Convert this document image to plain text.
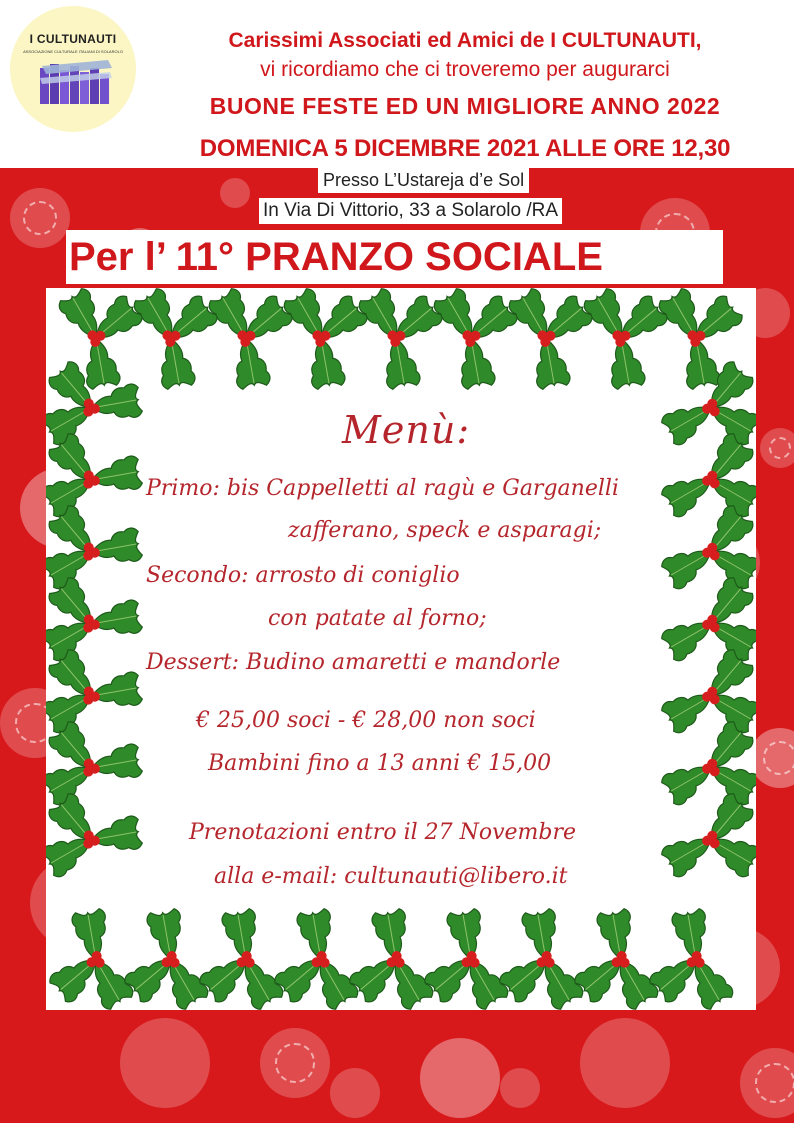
I CULTUNAUTI
ASSOCIAZIONE CULTURALE ITALIANI DI SOLAROLO	Carissimi Associati ed Amici de I CULTUNAUTI,
vi ricordiamo che ci troveremo per augurarci
BUONE FESTE ED UN MIGLIORE ANNO 2022
DOMENICA 5 DICEMBRE 2021 ALLE ORE 12,30
Presso L’Ustareja d’e Sol
In Via Di Vittorio, 33 a Solarolo /RA
Per l’ 11° PRANZO SOCIALE
Menù:
Primo: bis Cappelletti al ragù e Garganelli
zafferano, speck e asparagi;
Secondo: arrosto di coniglio
con patate al forno;
Dessert: Budino amaretti e mandorle
€ 25,00 soci - € 28,00 non soci
Bambini fino a 13 anni € 15,00
Prenotazioni entro il 27 Novembre
alla e-mail: cultunauti@libero.it
